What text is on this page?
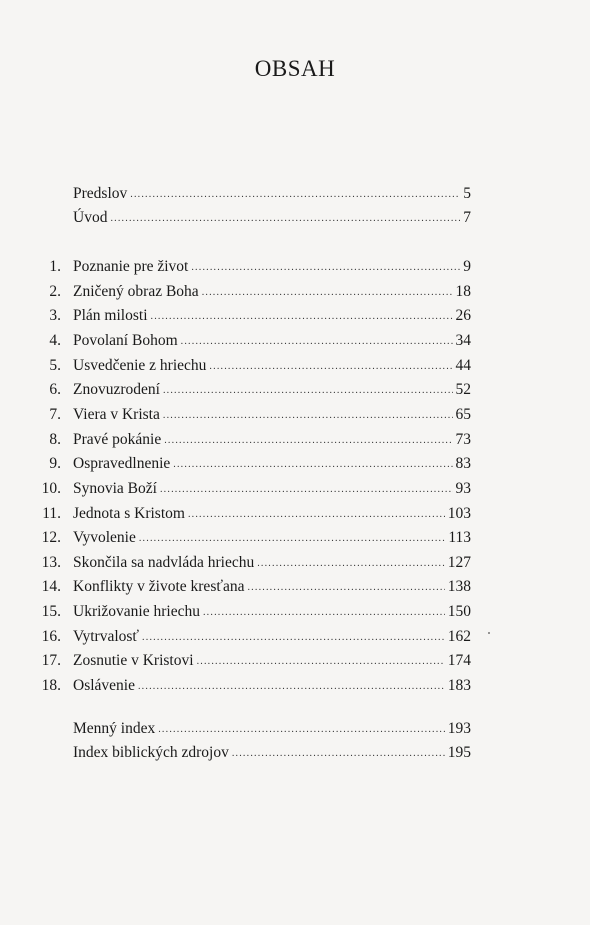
OBSAH
Predslov .....	5
Úvod .....	7
1. Poznanie pre život .....	9
2. Zničený obraz Boha .....	18
3. Plán milosti .....	26
4. Povolaní Bohom .....	34
5. Usvedčenie z hriechu .....	44
6. Znovuzrodení .....	52
7. Viera v Krista .....	65
8. Pravé pokánie .....	73
9. Ospravedlnenie .....	83
10. Synovia Boží .....	93
11. Jednota s Kristom .....	103
12. Vyvolenie .....	113
13. Skončila sa nadvláda hriechu .....	127
14. Konflikty v živote kresťana .....	138
15. Ukrižovanie hriechu .....	150
16. Vytrvalosť .....	162
17. Zosnutie v Kristovi .....	174
18. Oslávenie .....	183
Menný index .....	193
Index biblických zdrojov .....	195
